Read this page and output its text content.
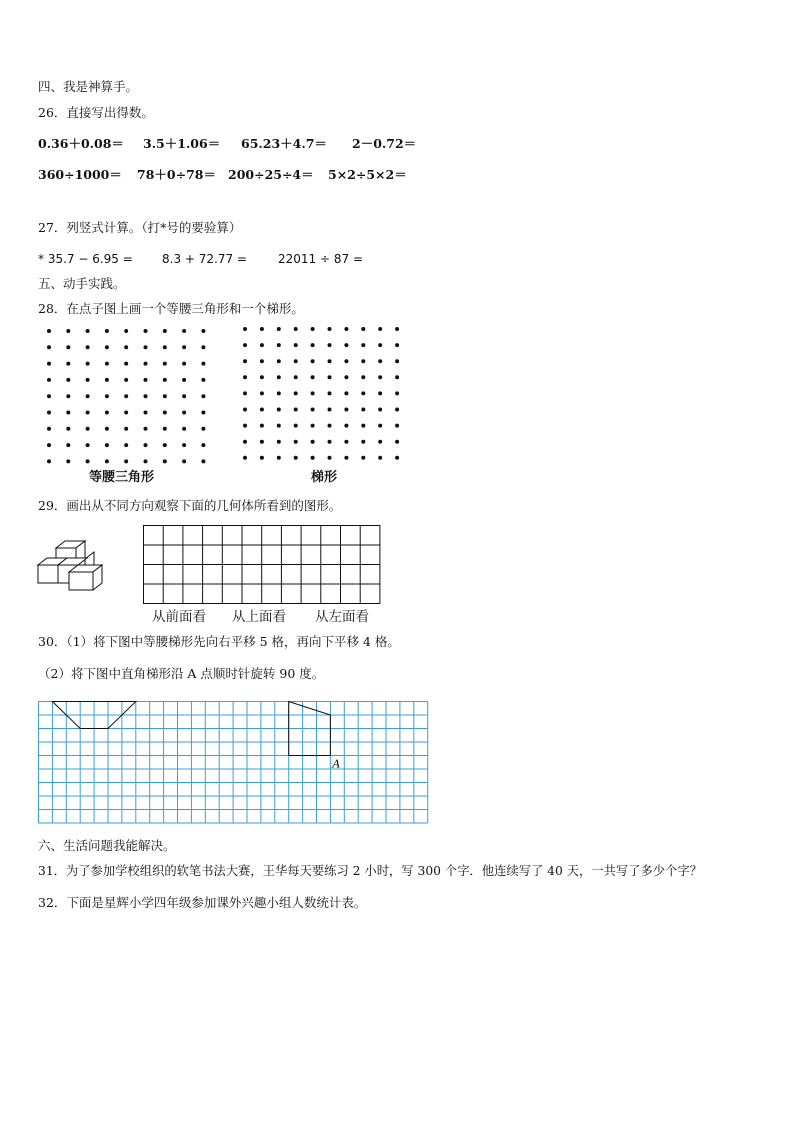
四、我是神算手。
26．直接写出得数。
0.36＋0.08＝ 3.5＋1.06＝ 65.23＋4.7＝ 2－0.72＝
360÷1000＝ 78＋0÷78＝ 200÷25÷4＝ 5×2÷5×2＝
27．列竖式计算。（打*号的要验算）
* 35.7 − 6.95 = 8.3 + 72.77 =	22011 ÷ 87 =
五、动手实践。
28．在点子图上画一个等腰三角形和一个梯形。
等腰三角形	梯形
29．画出从不同方向观察下面的几何体所看到的图形。
从前面看 从上面看 从左面看
30．（1）将下图中等腰梯形先向右平移 5 格，再向下平移 4 格。
（2）将下图中直角梯形沿 A 点顺时针旋转 90 度。
A
六、生活问题我能解决。
31．为了参加学校组织的软笔书法大赛，王华每天要练习 2 小时，写 300 个字．他连续写了 40 天，一共写了多少个字？
32．下面是星辉小学四年级参加课外兴趣小组人数统计表。
